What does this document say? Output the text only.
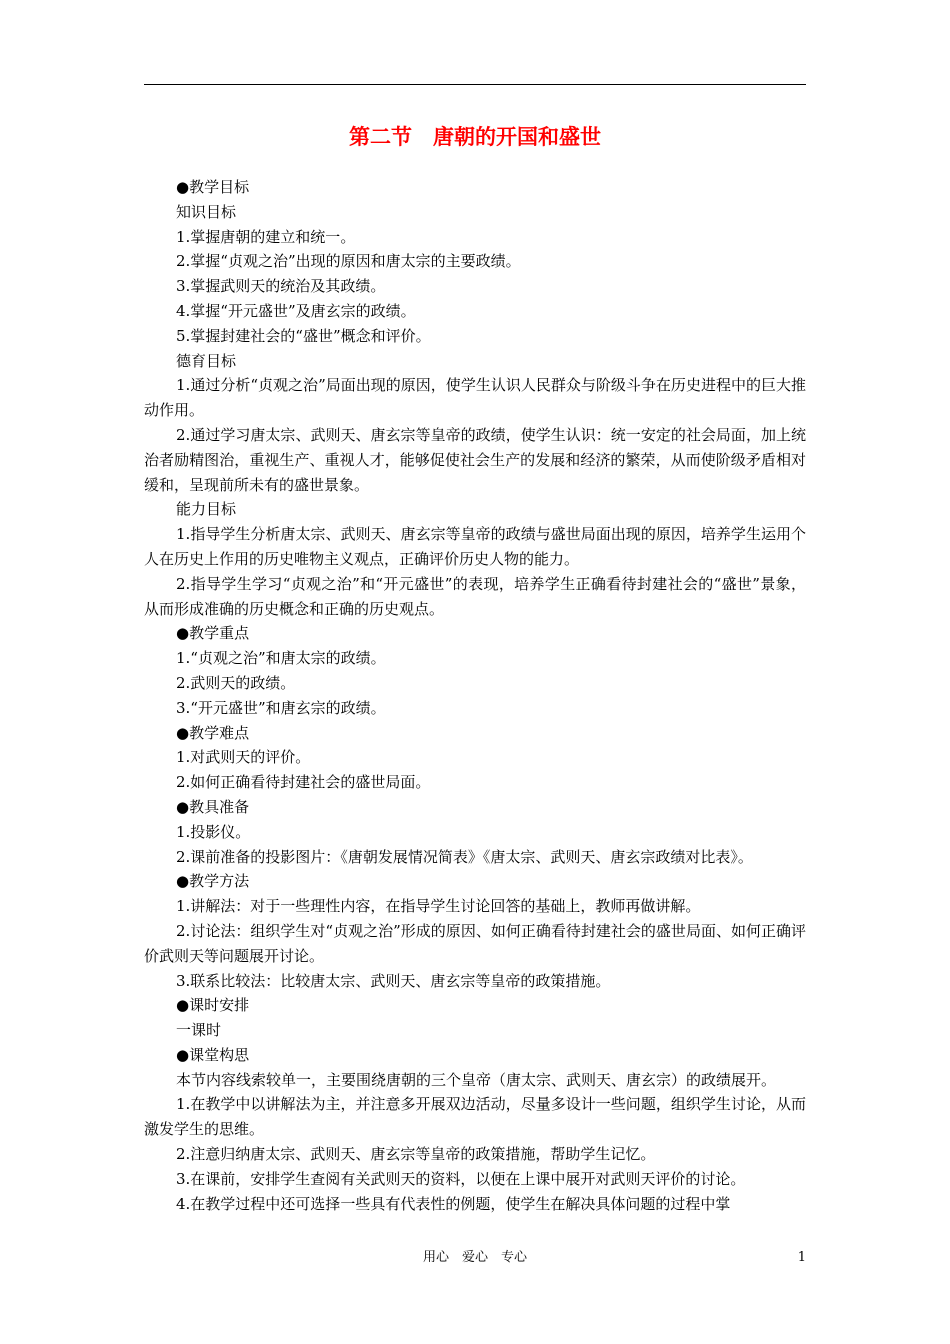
第二节　唐朝的开国和盛世

●教学目标

知识目标

1.掌握唐朝的建立和统一。

2.掌握“贞观之治”出现的原因和唐太宗的主要政绩。

3.掌握武则天的统治及其政绩。

4.掌握“开元盛世”及唐玄宗的政绩。

5.掌握封建社会的“盛世”概念和评价。

德育目标

1.通过分析“贞观之治”局面出现的原因，使学生认识人民群众与阶级斗争在历史进程中的巨大推动作用。

2.通过学习唐太宗、武则天、唐玄宗等皇帝的政绩，使学生认识：统一安定的社会局面，加上统治者励精图治，重视生产、重视人才，能够促使社会生产的发展和经济的繁荣，从而使阶级矛盾相对缓和，呈现前所未有的盛世景象。

能力目标

1.指导学生分析唐太宗、武则天、唐玄宗等皇帝的政绩与盛世局面出现的原因，培养学生运用个人在历史上作用的历史唯物主义观点，正确评价历史人物的能力。

2.指导学生学习“贞观之治”和“开元盛世”的表现，培养学生正确看待封建社会的“盛世”景象，从而形成准确的历史概念和正确的历史观点。

●教学重点

1.“贞观之治”和唐太宗的政绩。

2.武则天的政绩。

3.“开元盛世”和唐玄宗的政绩。

●教学难点

1.对武则天的评价。

2.如何正确看待封建社会的盛世局面。

●教具准备

1.投影仪。

2.课前准备的投影图片：《唐朝发展情况简表》《唐太宗、武则天、唐玄宗政绩对比表》。

●教学方法

1.讲解法：对于一些理性内容，在指导学生讨论回答的基础上，教师再做讲解。

2.讨论法：组织学生对“贞观之治”形成的原因、如何正确看待封建社会的盛世局面、如何正确评价武则天等问题展开讨论。

3.联系比较法：比较唐太宗、武则天、唐玄宗等皇帝的政策措施。

●课时安排

一课时

●课堂构思

本节内容线索较单一，主要围绕唐朝的三个皇帝（唐太宗、武则天、唐玄宗）的政绩展开。

1.在教学中以讲解法为主，并注意多开展双边活动，尽量多设计一些问题，组织学生讨论，从而激发学生的思维。

2.注意归纳唐太宗、武则天、唐玄宗等皇帝的政策措施，帮助学生记忆。

3.在课前，安排学生查阅有关武则天的资料，以便在上课中展开对武则天评价的讨论。

4.在教学过程中还可选择一些具有代表性的例题，使学生在解决具体问题的过程中掌

用心　爱心　专心	1
